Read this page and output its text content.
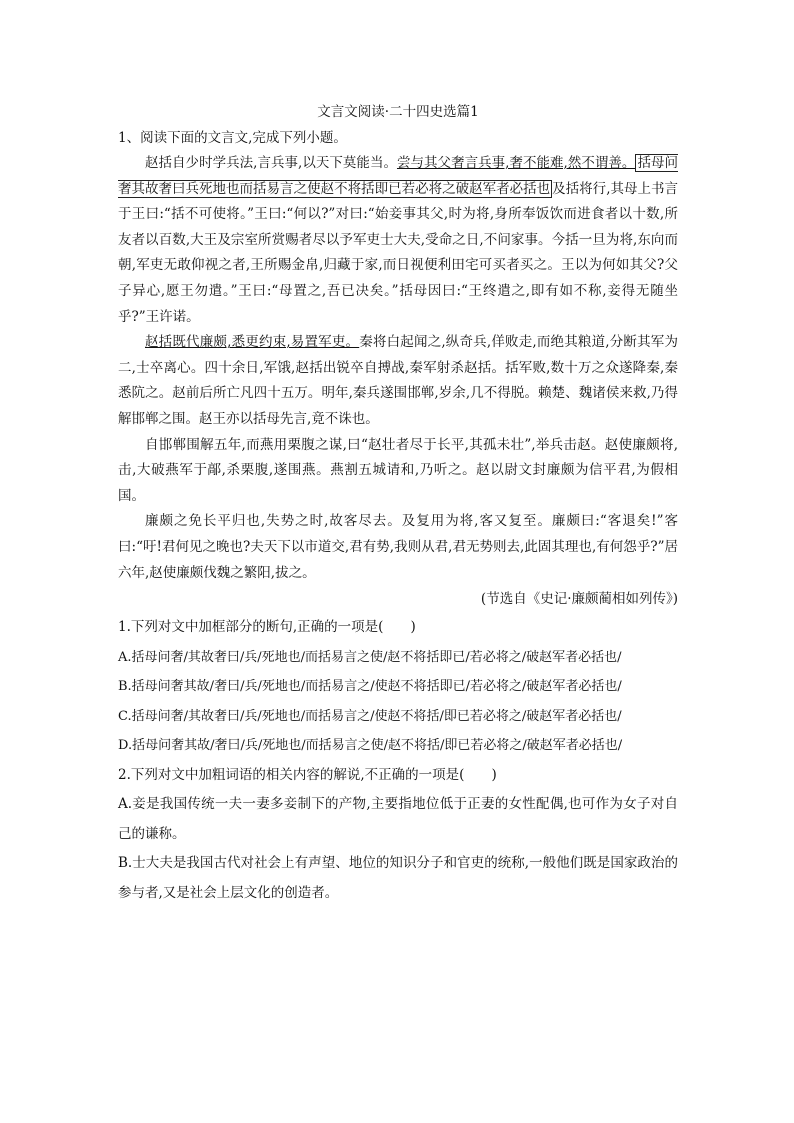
文言文阅读·二十四史选篇1
1、阅读下面的文言文,完成下列小题。

赵括自少时学兵法,言兵事,以天下莫能当。尝与其父奢言兵事,奢不能难,然不谓善。 括母问奢其故奢曰兵死地也而括易言之使赵不将括即已若必将之破赵军者必括也 及括将行,其母上书言于王曰:“括不可使将。”王曰:“何以?”对曰:“始妾事其父,时为将,身所奉饭饮而进食者以十数,所友者以百数,大王及宗室所赏赐者尽以予军吏士大夫,受命之日,不问家事。今括一旦为将,东向而朝,军吏无敢仰视之者,王所赐金帛,归藏于家,而日视便利田宅可买者买之。王以为何如其父?父子异心,愿王勿遣。”王曰:“母置之,吾已决矣。”括母因曰:“王终遣之,即有如不称,妾得无随坐乎?”王许诺。

赵括既代廉颇,悉更约束,易置军吏。秦将白起闻之,纵奇兵,佯败走,而绝其粮道,分断其军为二,士卒离心。四十余日,军饿,赵括出锐卒自搏战,秦军射杀赵括。括军败,数十万之众遂降秦,秦悉阬之。赵前后所亡凡四十五万。明年,秦兵遂围邯郸,岁余,几不得脱。赖楚、魏诸侯来救,乃得解邯郸之围。赵王亦以括母先言,竟不诛也。

自邯郸围解五年,而燕用栗腹之谋,曰“赵壮者尽于长平,其孤未壮”,举兵击赵。赵使廉颇将,击,大破燕军于鄗,杀栗腹,遂围燕。燕割五城请和,乃听之。赵以尉文封廉颇为信平君,为假相国。

廉颇之免长平归也,失势之时,故客尽去。及复用为将,客又复至。廉颇曰:“客退矣!”客曰:“吁!君何见之晚也?夫天下以市道交,君有势,我则从君,君无势则去,此固其理也,有何怨乎?”居六年,赵使廉颇伐魏之繁阳,拔之。

(节选自《史记·廉颇蔺相如列传》)
1.下列对文中加框部分的断句,正确的一项是(　　)
A.括母问奢/其故奢曰/兵/死地也/而括易言之使/赵不将括即已/若必将之/破赵军者必括也/
B.括母问奢其故/奢曰/兵/死地也/而括易言之/使赵不将括即已/若必将之/破赵军者必括也/
C.括母问奢/其故奢曰/兵/死地也/而括易言之/使赵不将括/即已若必将之/破赵军者必括也/
D.括母问奢其故/奢曰/兵/死地也/而括易言之使/赵不将括/即已若必将之/破赵军者必括也/
2.下列对文中加粗词语的相关内容的解说,不正确的一项是(　　)

A.妾是我国传统一夫一妻多妾制下的产物,主要指地位低于正妻的女性配偶,也可作为女子对自己的谦称。

B.士大夫是我国古代对社会上有声望、地位的知识分子和官吏的统称,一般他们既是国家政治的参与者,又是社会上层文化的创造者。
